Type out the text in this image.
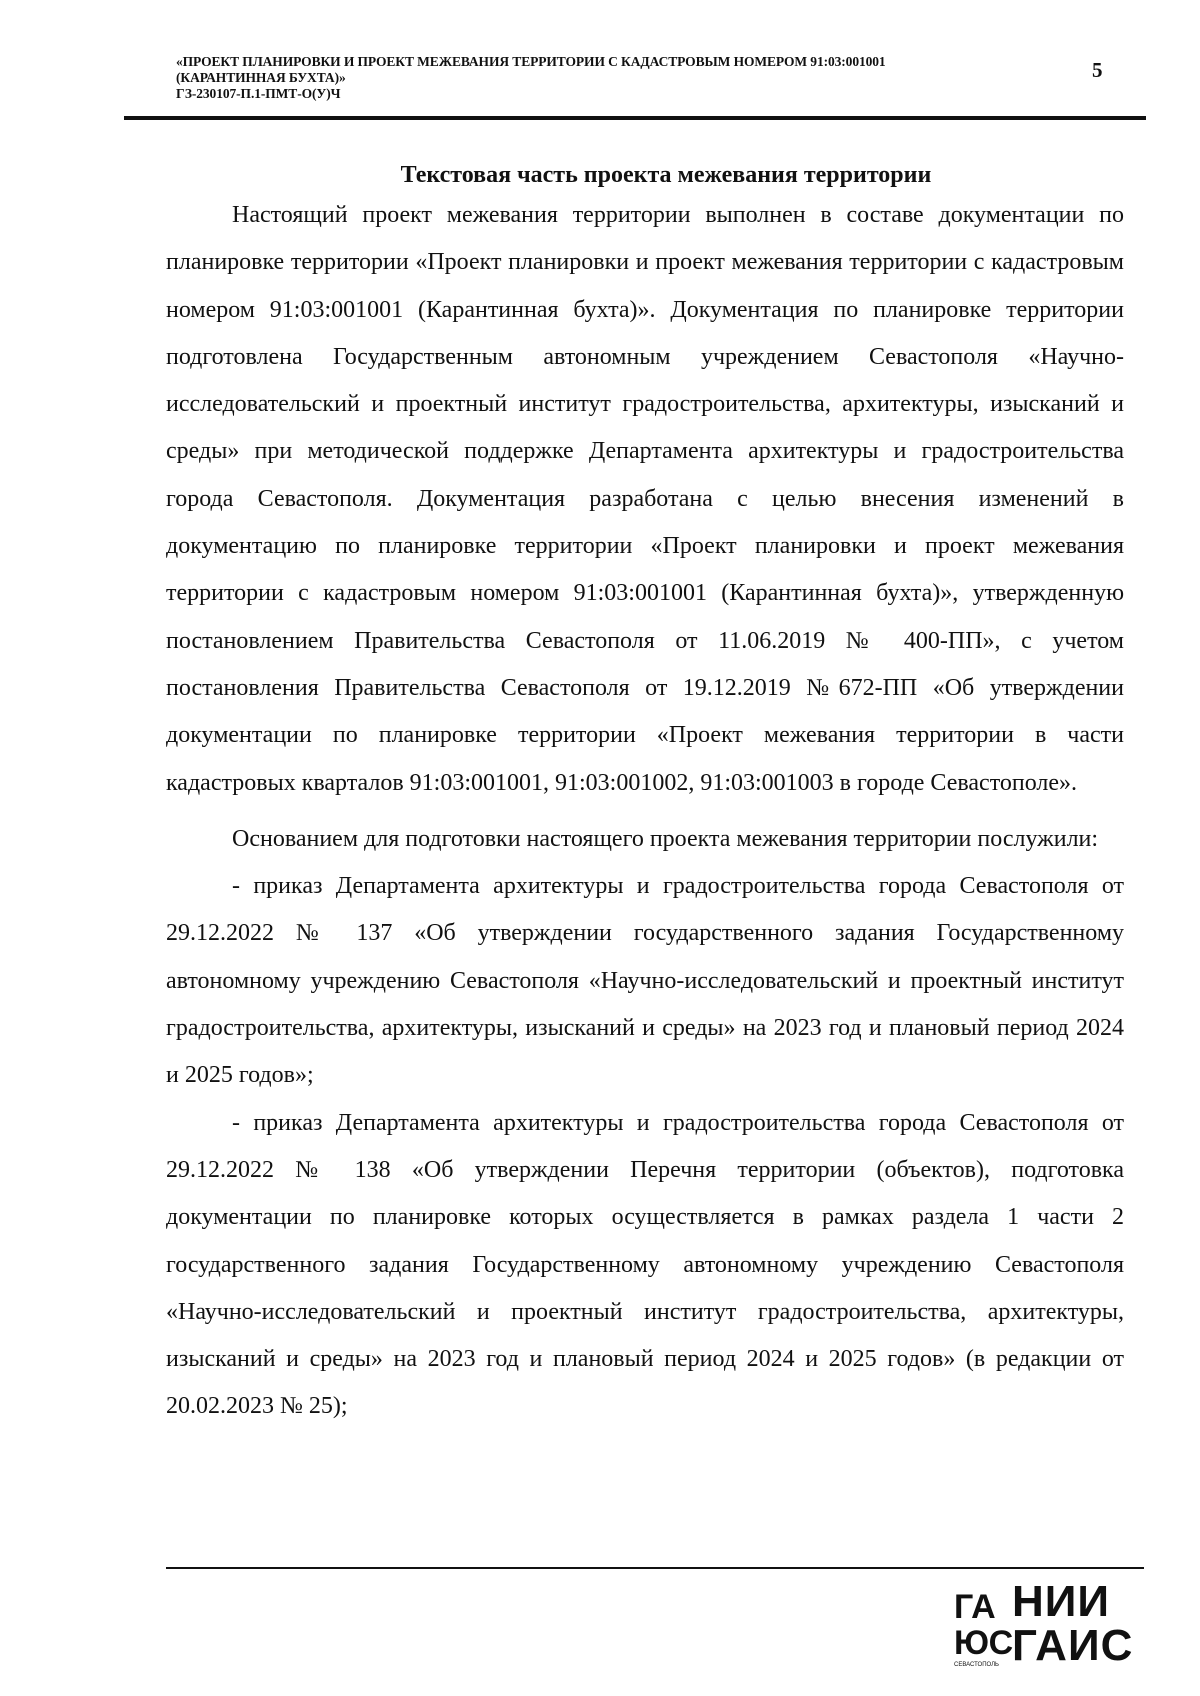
«ПРОЕКТ ПЛАНИРОВКИ И ПРОЕКТ МЕЖЕВАНИЯ ТЕРРИТОРИИ С КАДАСТРОВЫМ НОМЕРОМ 91:03:001001
(КАРАНТИННАЯ БУХТА)»
ГЗ-230107-П.1-ПМТ-О(У)Ч
5
Текстовая часть проекта межевания территории

Настоящий проект межевания территории выполнен в составе документации по планировке территории «Проект планировки и проект межевания территории с кадастровым номером 91:03:001001 (Карантинная бухта)». Документация по планировке территории подготовлена Государственным автономным учреждением Севастополя «Научно-исследовательский и проектный институт градостроительства, архитектуры, изысканий и среды» при методической поддержке Департамента архитектуры и градостроительства города Севастополя. Документация разработана с целью внесения изменений в документацию по планировке территории «Проект планировки и проект межевания территории с кадастровым номером 91:03:001001 (Карантинная бухта)», утвержденную постановлением Правительства Севастополя от 11.06.2019 № 400-ПП», с учетом постановления Правительства Севастополя от 19.12.2019 №672-ПП «Об утверждении документации по планировке территории «Проект межевания территории в части кадастровых кварталов 91:03:001001, 91:03:001002, 91:03:001003 в городе Севастополе».

Основанием для подготовки настоящего проекта межевания территории послужили:

- приказ Департамента архитектуры и градостроительства города Севастополя от 29.12.2022 № 137 «Об утверждении государственного задания Государственному автономному учреждению Севастополя «Научно-исследовательский и проектный институт градостроительства, архитектуры, изысканий и среды» на 2023 год и плановый период 2024 и 2025 годов»;

- приказ Департамента архитектуры и градостроительства города Севастополя от 29.12.2022 № 138 «Об утверждении Перечня территории (объектов), подготовка документации по планировке которых осуществляется в рамках раздела 1 части 2 государственного задания Государственному автономному учреждению Севастополя «Научно-исследовательский и проектный институт градостроительства, архитектуры, изысканий и среды» на 2023 год и плановый период 2024 и 2025 годов» (в редакции от 20.02.2023 № 25);

ГА
ЮС
СЕВАСТОПОЛЬ
НИИ
ГАИС
